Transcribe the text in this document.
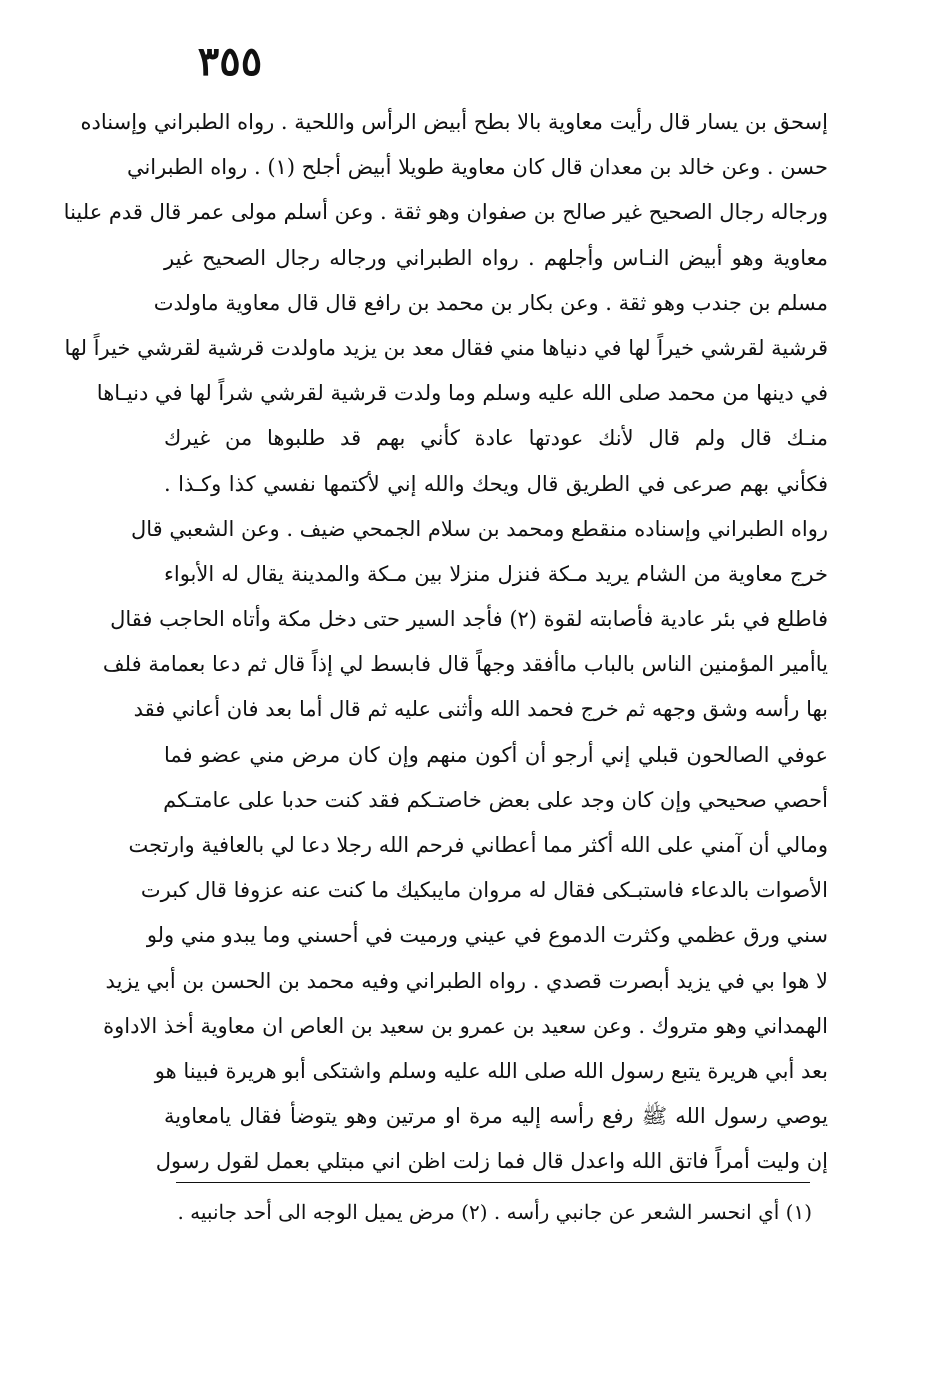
٣٥٥
إسحق بن يسار قال رأيت معاوية بالا بطح أبيض الرأس واللحية . رواه الطبراني وإسناده
حسن . وعن خالد بن معدان قال كان معاوية طويلا أبيض أجلح (١) . رواه الطبراني
ورجاله رجال الصحيح غير صالح بن صفوان وهو ثقة . وعن أسلم مولى عمر قال قدم علينا
معاوية وهو أبيض النـاس وأجلهم . رواه الطبراني ورجاله رجال الصحيح غير
مسلم بن جندب وهو ثقة . وعن بكار بن محمد بن رافع قال قال معاوية ماولدت
قرشية لقرشي خيراً لها في دنياها مني فقال معد بن يزيد ماولدت قرشية لقرشي خيراً لها
في دينها من محمد صلى الله عليه وسلم وما ولدت قرشية لقرشي شراً لها في دنيـاها
منـك قال ولم قال لأنك عودتها عادة كأني بهم قد طلبوها من غيرك
فكأني بهم صرعى في الطريق قال ويحك والله إني لأكتمها نفسي كذا وكـذا .
رواه الطبراني وإسناده منقطع ومحمد بن سلام الجمحي ضيف . وعن الشعبي قال
خرج معاوية من الشام يريد مـكة فنزل منزلا بين مـكة والمدينة يقال له الأبواء
فاطلع في بئر عادية فأصابته لقوة (٢) فأجد السير حتى دخل مكة وأتاه الحاجب فقال
ياأمير المؤمنين الناس بالباب ماأفقد وجهاً قال فابسط لي إذاً قال ثم دعا بعمامة فلف
بها رأسه وشق وجهه ثم خرج فحمد الله وأثنى عليه ثم قال أما بعد فان أعاني فقد
عوفي الصالحون قبلي إني أرجو أن أكون منهم وإن كان مرض مني عضو فما
أحصي صحيحي وإن كان وجد على بعض خاصتـكم فقد كنت حدبا على عامتـكم
ومالي أن آمني على الله أكثر مما أعطاني فرحم الله رجلا دعا لي بالعافية وارتجت
الأصوات بالدعاء فاستبـكى فقال له مروان مايبكيك ما كنت عنه عزوفا قال كبرت
سني ورق عظمي وكثرت الدموع في عيني ورميت في أحسني وما يبدو مني ولو
لا هوا بي في يزيد أبصرت قصدي . رواه الطبراني وفيه محمد بن الحسن بن أبي يزيد
الهمداني وهو متروك . وعن سعيد بن عمرو بن سعيد بن العاص ان معاوية أخذ الاداوة
بعد أبي هريرة يتبع رسول الله صلى الله عليه وسلم واشتكى أبو هريرة فبينا هو
يوصي رسول الله ﷺ رفع رأسه إليه مرة او مرتين وهو يتوضأ فقال يامعاوية
إن وليت أمراً فاتق الله واعدل قال فما زلت اظن اني مبتلي بعمل لقول رسول
(١) أي انحسر الشعر عن جانبي رأسه . (٢) مرض يميل الوجه الى أحد جانبيه .
